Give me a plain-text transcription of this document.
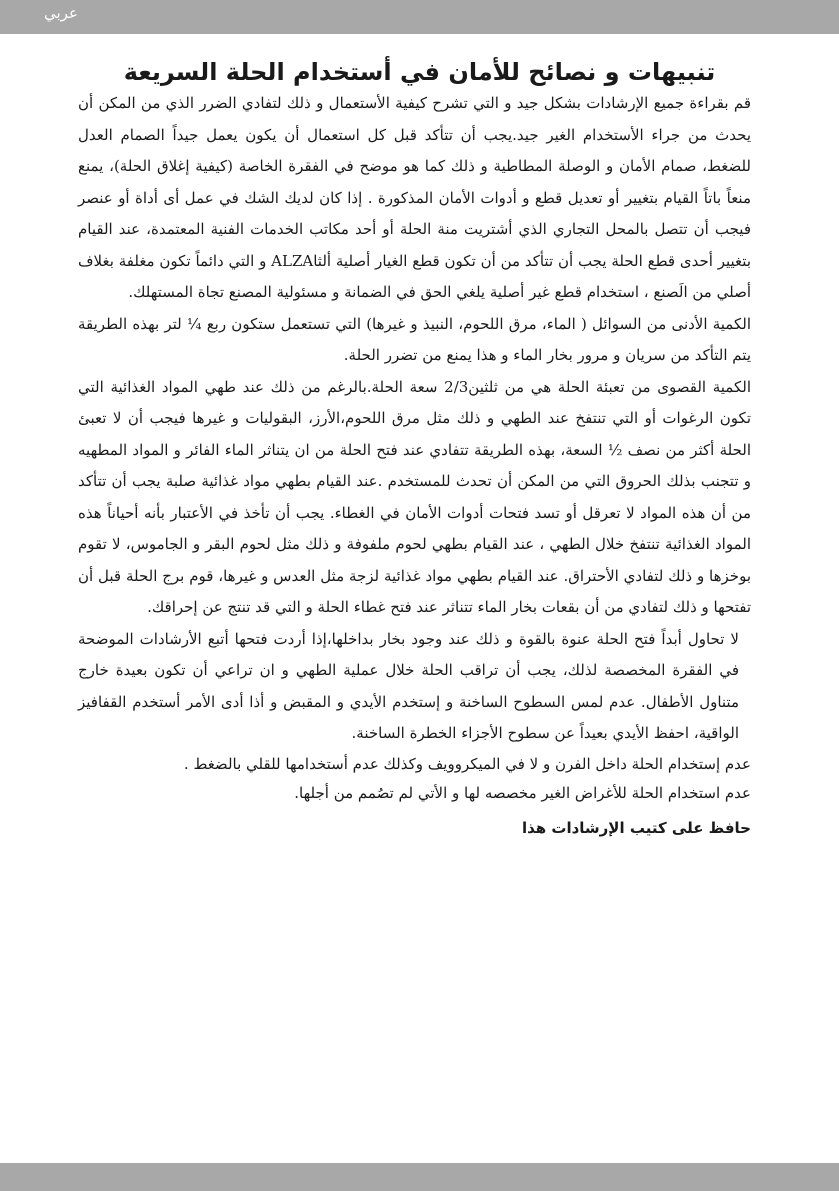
عربي
تنبيهات و نصائح للأمان في أستخدام الحلة السريعة

قم بقراءة جميع الإرشادات بشكل جيد و التي تشرح كيفية الأستعمال و ذلك لتفادي الضرر الذي من المكن أن يحدث من جراء الأستخدام الغير جيد.يجب أن تتأكد قبل كل استعمال أن يكون يعمل جيداً الصمام العدل للضغط، صمام الأمان و الوصلة المطاطية و ذلك كما هو موضح في الفقرة الخاصة (كيفية إغلاق الحلة)، يمنع منعاً باتاً القيام بتغيير أو تعديل قطع و أدوات الأمان المذكورة . إذا كان لديك الشك في عمل أى أداة أو عنصر فيجب أن تتصل بالمحل التجاري الذي أشتريت منة الحلة أو أحد مكاتب الخدمات الفنية المعتمدة، عند القيام بتغيير أحدى قطع الحلة يجب أن تتأكد من أن تكون قطع الغيار أصلية ألثاALZA و التي دائماً تكون مغلفة بغلاف أصلي من الَصنع ، استخدام قطع غير أصلية يلغي الحق في الضمانة و مسئولية المصنع تجاة المستهلك.

الكمية الأدنى من السوائل ( الماء، مرق اللحوم، النبيذ و غيرها) التي تستعمل ستكون ربع ¼ لتر بهذه الطريقة يتم التأكد من سريان و مرور بخار الماء و هذا يمنع من تضرر الحلة.

الكمية القصوى من تعبئة الحلة هي من ثلثين2/3 سعة الحلة.بالرغم من ذلك عند طهي المواد الغذائية التي تكون الرغوات أو التي تنتفخ عند الطهي و ذلك مثل مرق اللحوم،الأرز، البقوليات و غيرها فيجب أن لا تعبئ الحلة أكثر من نصف ½ السعة، بهذه الطريقة تتفادي عند فتح الحلة من ان يتناثر الماء الفائر و المواد المطهيه و تتجنب بذلك الحروق التي من المكن أن تحدث للمستخدم .عند القيام بطهي مواد غذائية صلبة يجب أن تتأكد من أن هذه المواد لا تعرقل أو تسد فتحات أدوات الأمان في الغطاء. يجب أن تأخذ في الأعتبار بأنه أحياناً هذه المواد الغذائية تنتفخ خلال الطهي ، عند القيام بطهي لحوم ملفوفة و ذلك مثل لحوم البقر و الجاموس، لا تقوم بوخزها و ذلك لتفادي الأحتراق. عند القيام بطهي مواد غذائية لزجة مثل العدس و غيرها، قوم برج الحلة قبل أن تفتحها و ذلك لتفادي من أن بقعات بخار الماء تتناثر عند فتح غطاء الحلة و التي قد تنتج عن إحراقك.

لا تحاول أبداً فتح الحلة عنوة بالقوة و ذلك عند وجود بخار بداخلها،إذا أردت فتحها أتبع الأرشادات الموضحة في الفقرة المخصصة لذلك، يجب أن تراقب الحلة خلال عملية الطهي و ان تراعي أن تكون بعيدة خارج متناول الأطفال. عدم لمس السطوح الساخنة و إستخدم الأيدي و المقبض و أذا أدى الأمر أستخدم القفافيز الواقية، احفظ الأيدي بعيداً عن سطوح الأجزاء الخطرة الساخنة.

عدم إستخدام الحلة داخل الفرن و لا في الميكروويف وكذلك عدم أستخدامها للقلي بالضغط .

عدم استخدام الحلة للأغراض الغير مخصصه لها و الأتي لم تصُمم من أجلها.

حافظ على كتيب الإرشادات هذا
